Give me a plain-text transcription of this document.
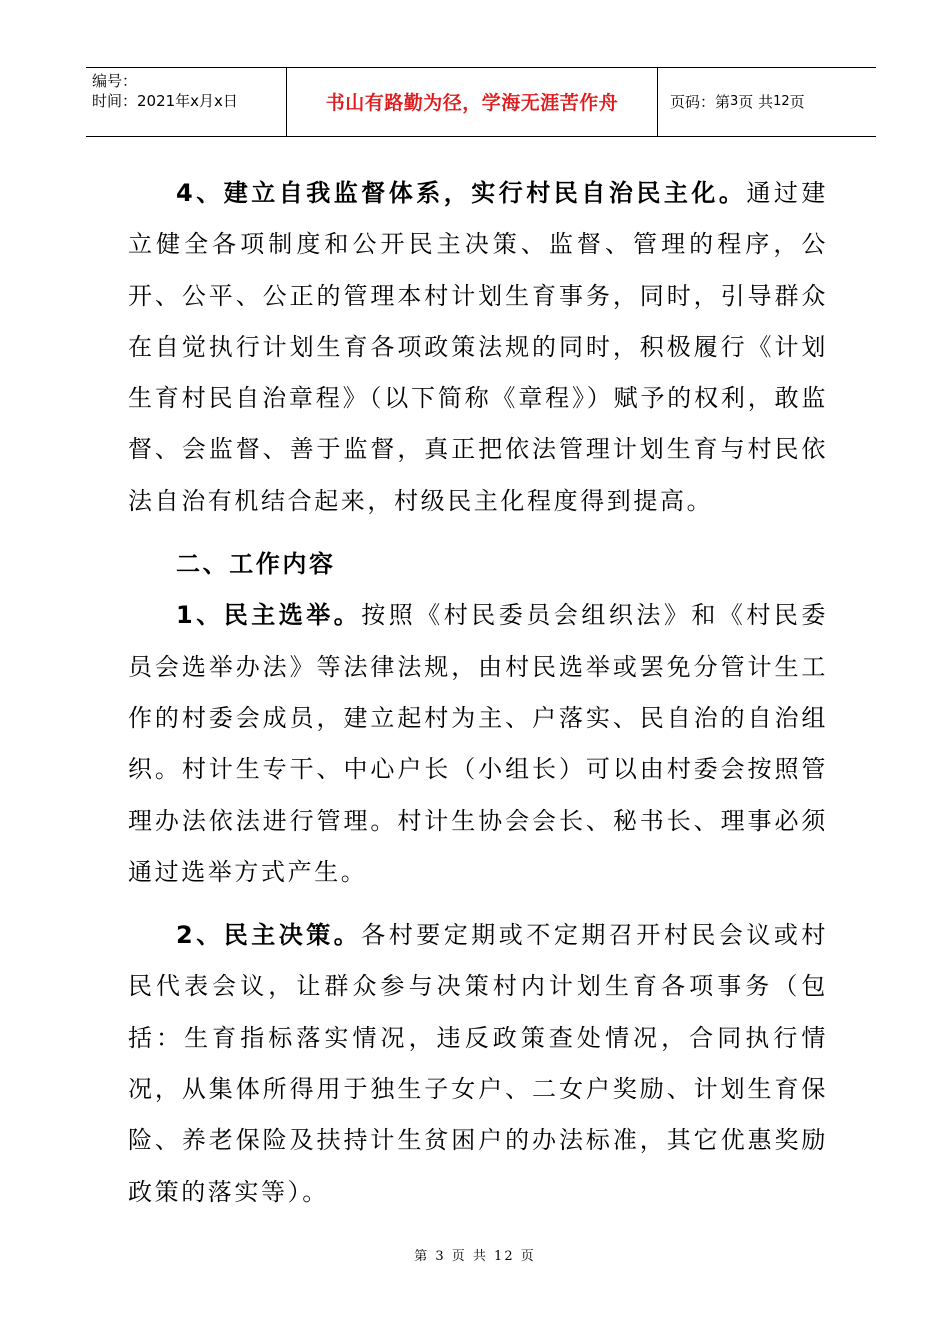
编号：
时间：2021年x月x日	书山有路勤为径，学海无涯苦作舟	页码：第 3 页 共 12 页

4、建立自我监督体系，实行村民自治民主化。通过建立健全各项制度和公开民主决策、监督、管理的程序，公开、公平、公正的管理本村计划生育事务，同时，引导群众在自觉执行计划生育各项政策法规的同时，积极履行《计划生育村民自治章程》（以下简称《章程》）赋予的权利，敢监督、会监督、善于监督，真正把依法管理计划生育与村民依法自治有机结合起来，村级民主化程度得到提高。

二、工作内容

1、民主选举。按照《村民委员会组织法》和《村民委员会选举办法》等法律法规，由村民选举或罢免分管计生工作的村委会成员，建立起村为主、户落实、民自治的自治组织。村计生专干、中心户长（小组长）可以由村委会按照管理办法依法进行管理。村计生协会会长、秘书长、理事必须通过选举方式产生。

2、民主决策。各村要定期或不定期召开村民会议或村民代表会议，让群众参与决策村内计划生育各项事务（包括：生育指标落实情况，违反政策查处情况，合同执行情况，从集体所得用于独生子女户、二女户奖励、计划生育保险、养老保险及扶持计生贫困户的办法标准，其它优惠奖励政策的落实等）。

第 3 页 共 12 页
